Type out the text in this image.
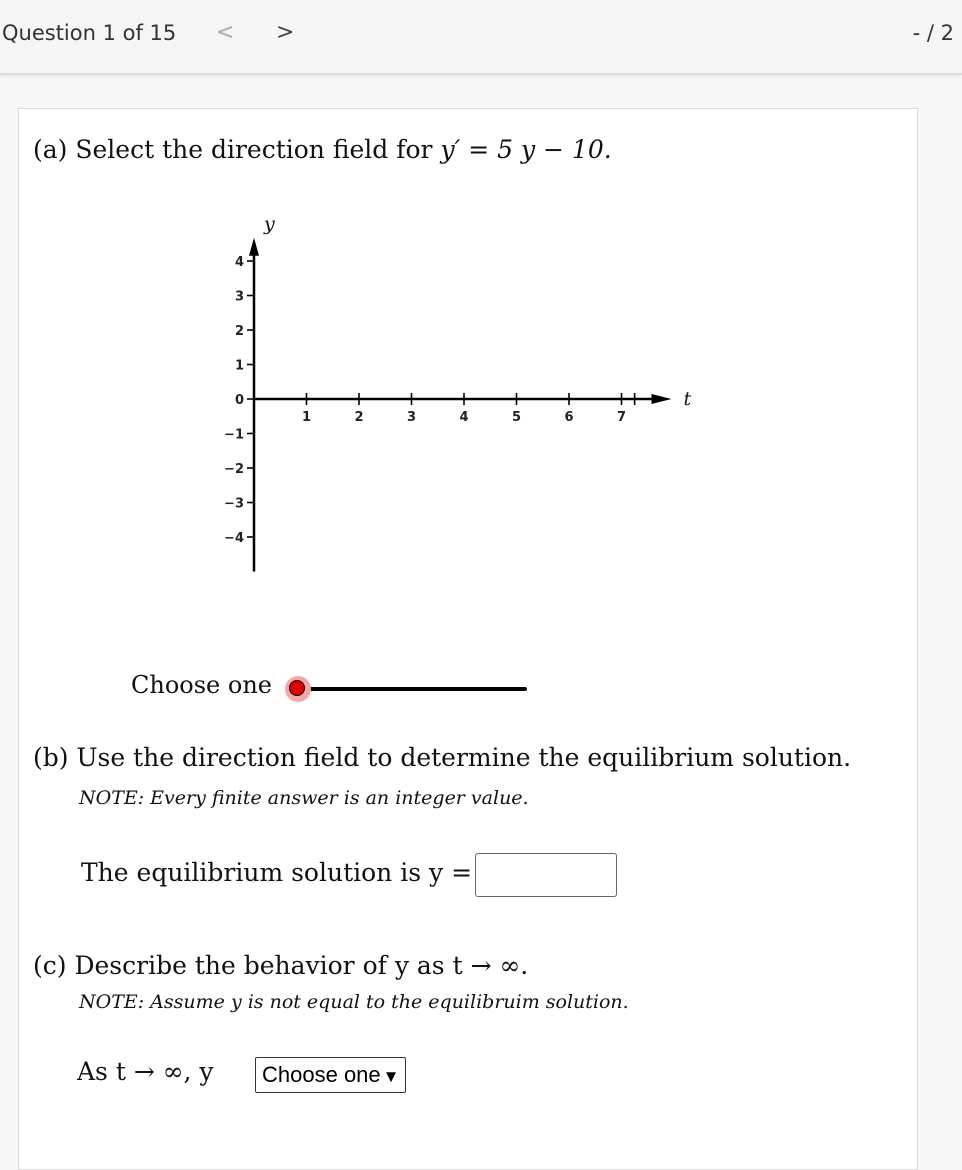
Question 1 of 15 < >	- / 2
(a) Select the direction field for y′ = 5 y − 10.
y
t
1	2	3	4	5	6	7
4
3
2
1
0
−1
−2
−3
−4
Choose one
(b) Use the direction field to determine the equilibrium solution.
NOTE: Every finite answer is an integer value.
The equilibrium solution is y =
(c) Describe the behavior of y as t → ∞.
NOTE: Assume y is not equal to the equilibruim solution.
As t → ∞, y	Choose one ▼
